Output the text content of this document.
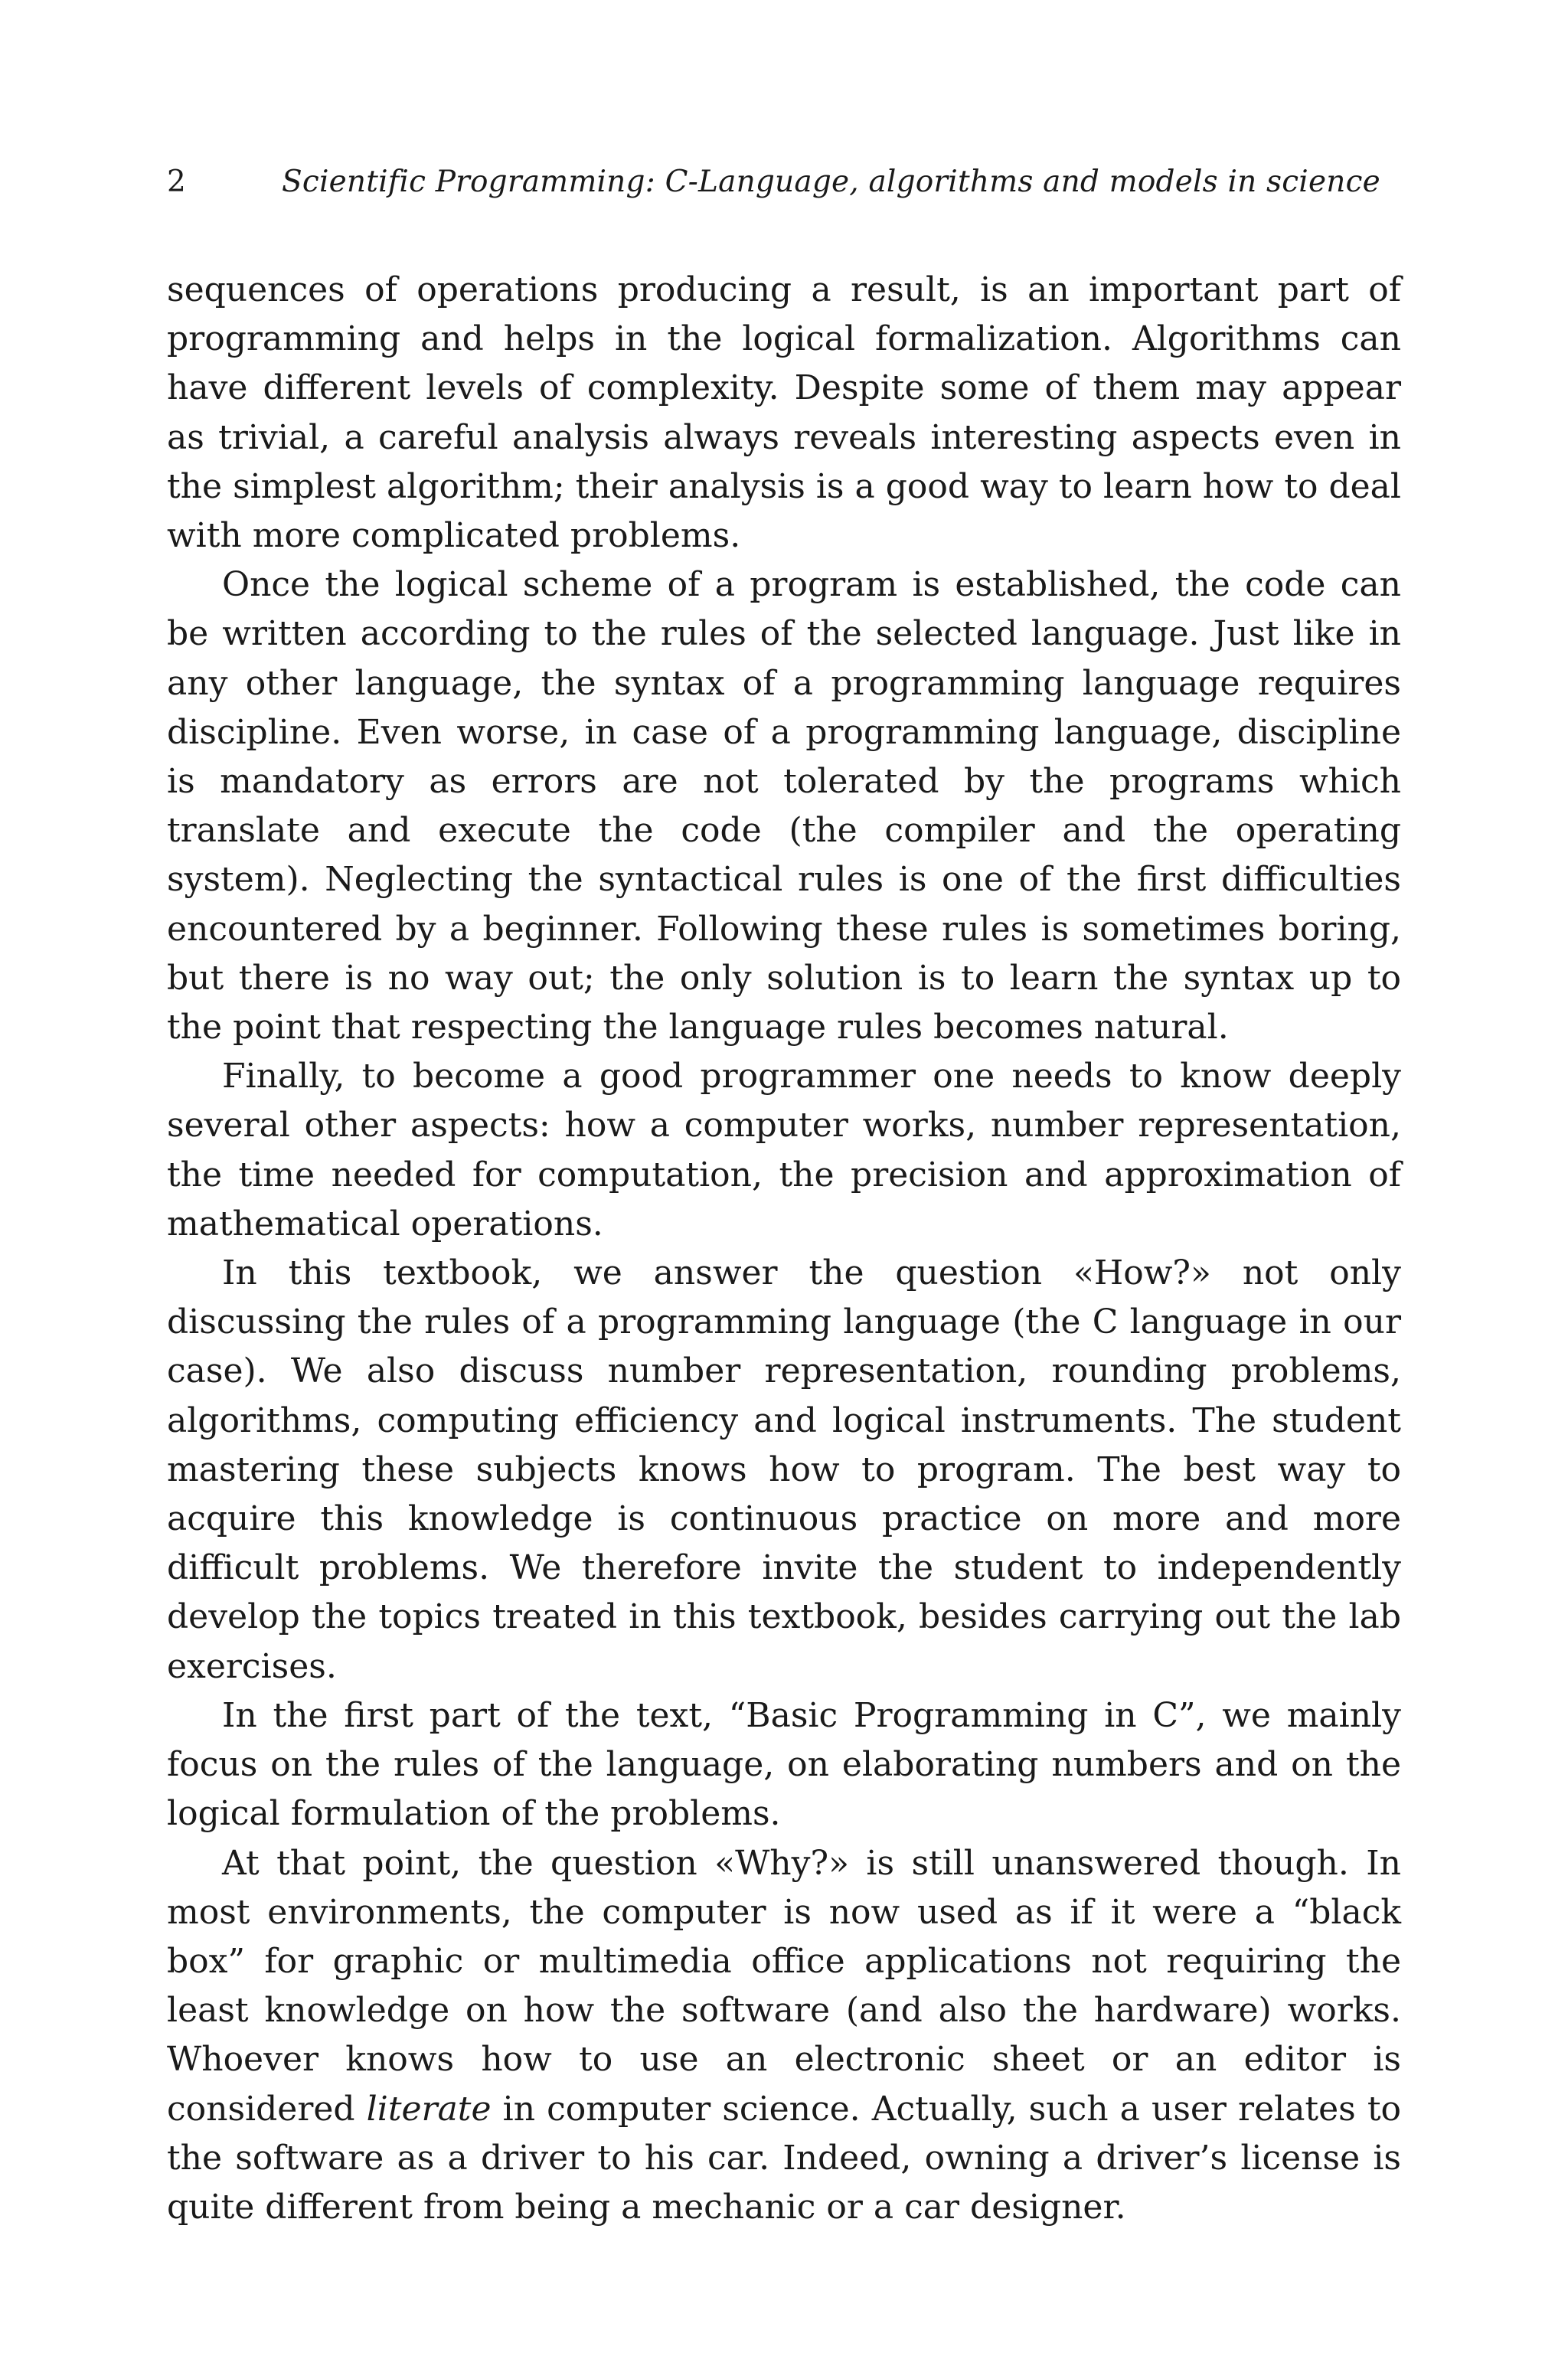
2	Scientific Programming: C-Language, algorithms and models in science

sequences of operations producing a result, is an important part of programming and helps in the logical formalization. Algorithms can have different levels of complexity. Despite some of them may appear as trivial, a careful analysis always reveals interesting aspects even in the simplest algorithm; their analysis is a good way to learn how to deal with more complicated problems.

Once the logical scheme of a program is established, the code can be written according to the rules of the selected language. Just like in any other language, the syntax of a programming language requires discipline. Even worse, in case of a programming language, discipline is mandatory as errors are not tolerated by the programs which translate and execute the code (the compiler and the operating system). Neglecting the syntactical rules is one of the first difficulties encountered by a beginner. Following these rules is sometimes boring, but there is no way out; the only solution is to learn the syntax up to the point that respecting the language rules becomes natural.

Finally, to become a good programmer one needs to know deeply several other aspects: how a computer works, number representation, the time needed for computation, the precision and approximation of mathematical operations.

In this textbook, we answer the question «How?» not only discussing the rules of a programming language (the C language in our case). We also discuss number representation, rounding problems, algorithms, computing efficiency and logical instruments. The student mastering these subjects knows how to program. The best way to acquire this knowledge is continuous practice on more and more difficult problems. We therefore invite the student to independently develop the topics treated in this textbook, besides carrying out the lab exercises.

In the first part of the text, “Basic Programming in C”, we mainly focus on the rules of the language, on elaborating numbers and on the logical formulation of the problems.

At that point, the question «Why?» is still unanswered though. In most environments, the computer is now used as if it were a “black box” for graphic or multimedia office applications not requiring the least knowledge on how the software (and also the hardware) works. Whoever knows how to use an electronic sheet or an editor is considered literate in computer science. Actually, such a user relates to the software as a driver to his car. Indeed, owning a driver’s license is quite different from being a mechanic or a car designer.
